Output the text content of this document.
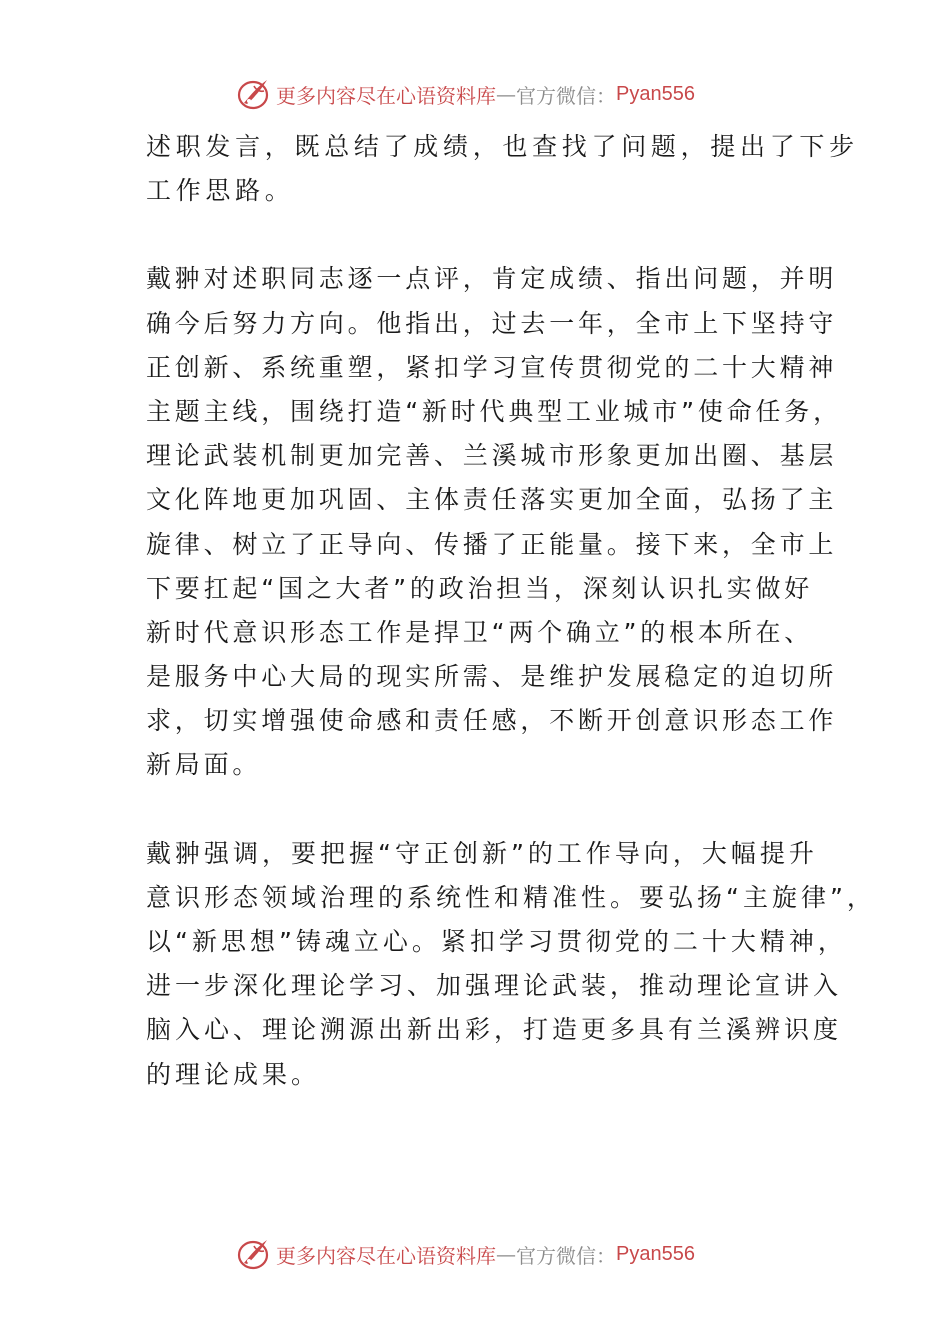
更多内容尽在心语资料库 — 官方微信： Pyan556

述职发言，既总结了成绩，也查找了问题，提出了下步
工作思路。

戴翀对述职同志逐一点评，肯定成绩、指出问题，并明
确今后努力方向。他指出，过去一年，全市上下坚持守
正创新、系统重塑，紧扣学习宣传贯彻党的二十大精神
主题主线，围绕打造“新时代典型工业城市”使命任务，
理论武装机制更加完善、兰溪城市形象更加出圈、基层
文化阵地更加巩固、主体责任落实更加全面，弘扬了主
旋律、树立了正导向、传播了正能量。接下来，全市上
下要扛起“国之大者”的政治担当，深刻认识扎实做好
新时代意识形态工作是捍卫“两个确立”的根本所在、
是服务中心大局的现实所需、是维护发展稳定的迫切所
求，切实增强使命感和责任感，不断开创意识形态工作
新局面。

戴翀强调，要把握“守正创新”的工作导向，大幅提升
意识形态领域治理的系统性和精准性。要弘扬“主旋律”，
以“新思想”铸魂立心。紧扣学习贯彻党的二十大精神，
进一步深化理论学习、加强理论武装，推动理论宣讲入
脑入心、理论溯源出新出彩，打造更多具有兰溪辨识度
的理论成果。

更多内容尽在心语资料库 — 官方微信： Pyan556
